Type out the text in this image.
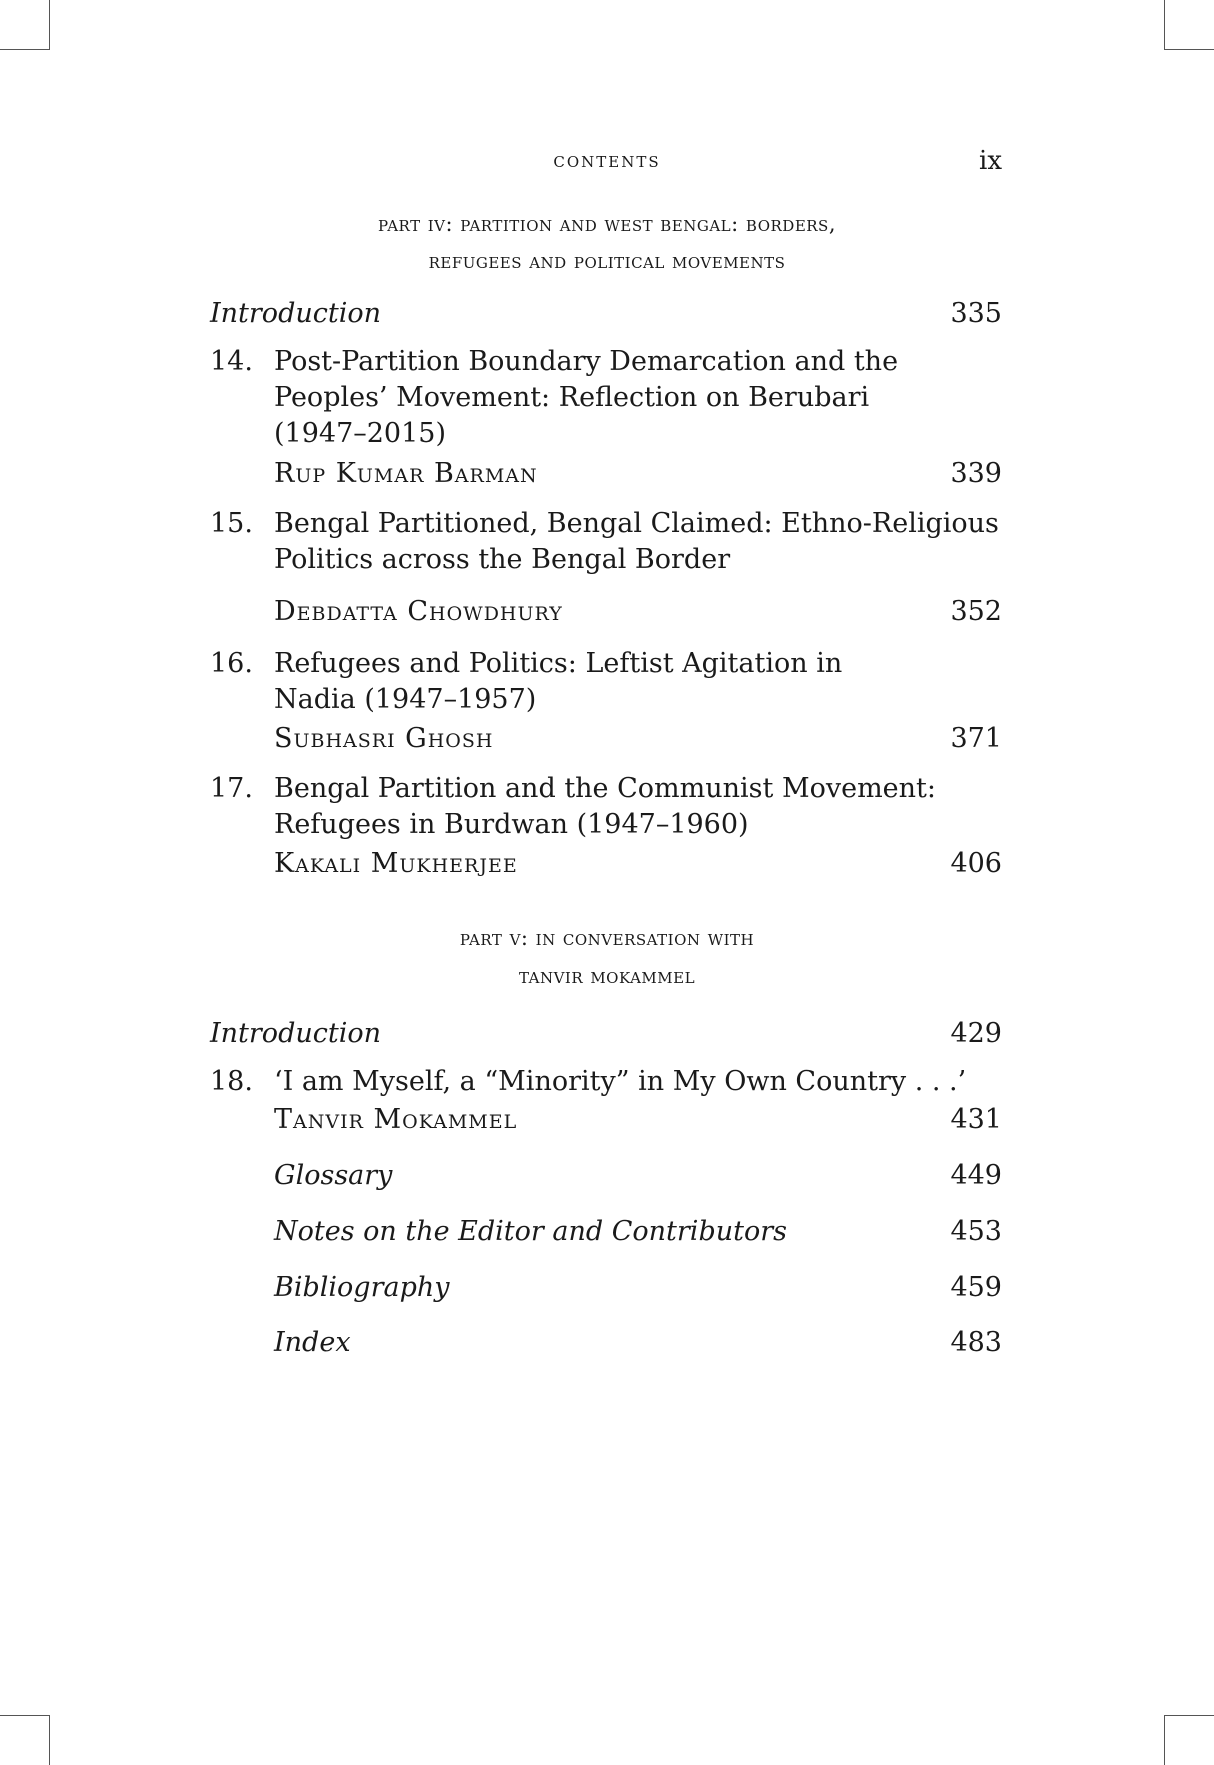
contents	ix
part iv: partition and west bengal: borders,
refugees and political movements
Introduction	335
14. Post-Partition Boundary Demarcation and the
Peoples’ Movement: Reflection on Berubari
(1947–2015)
Rup Kumar Barman	339
15. Bengal Partitioned, Bengal Claimed: Ethno-Religious
Politics across the Bengal Border
Debdatta Chowdhury	352
16. Refugees and Politics: Leftist Agitation in
Nadia (1947–1957)
Subhasri Ghosh	371
17. Bengal Partition and the Communist Movement:
Refugees in Burdwan (1947–1960)
Kakali Mukherjee	406
part v: in conversation with
tanvir mokammel
Introduction	429
18. ‘I am Myself, a “Minority” in My Own Country . . .’
Tanvir Mokammel	431
Glossary	449
Notes on the Editor and Contributors	453
Bibliography	459
Index	483
